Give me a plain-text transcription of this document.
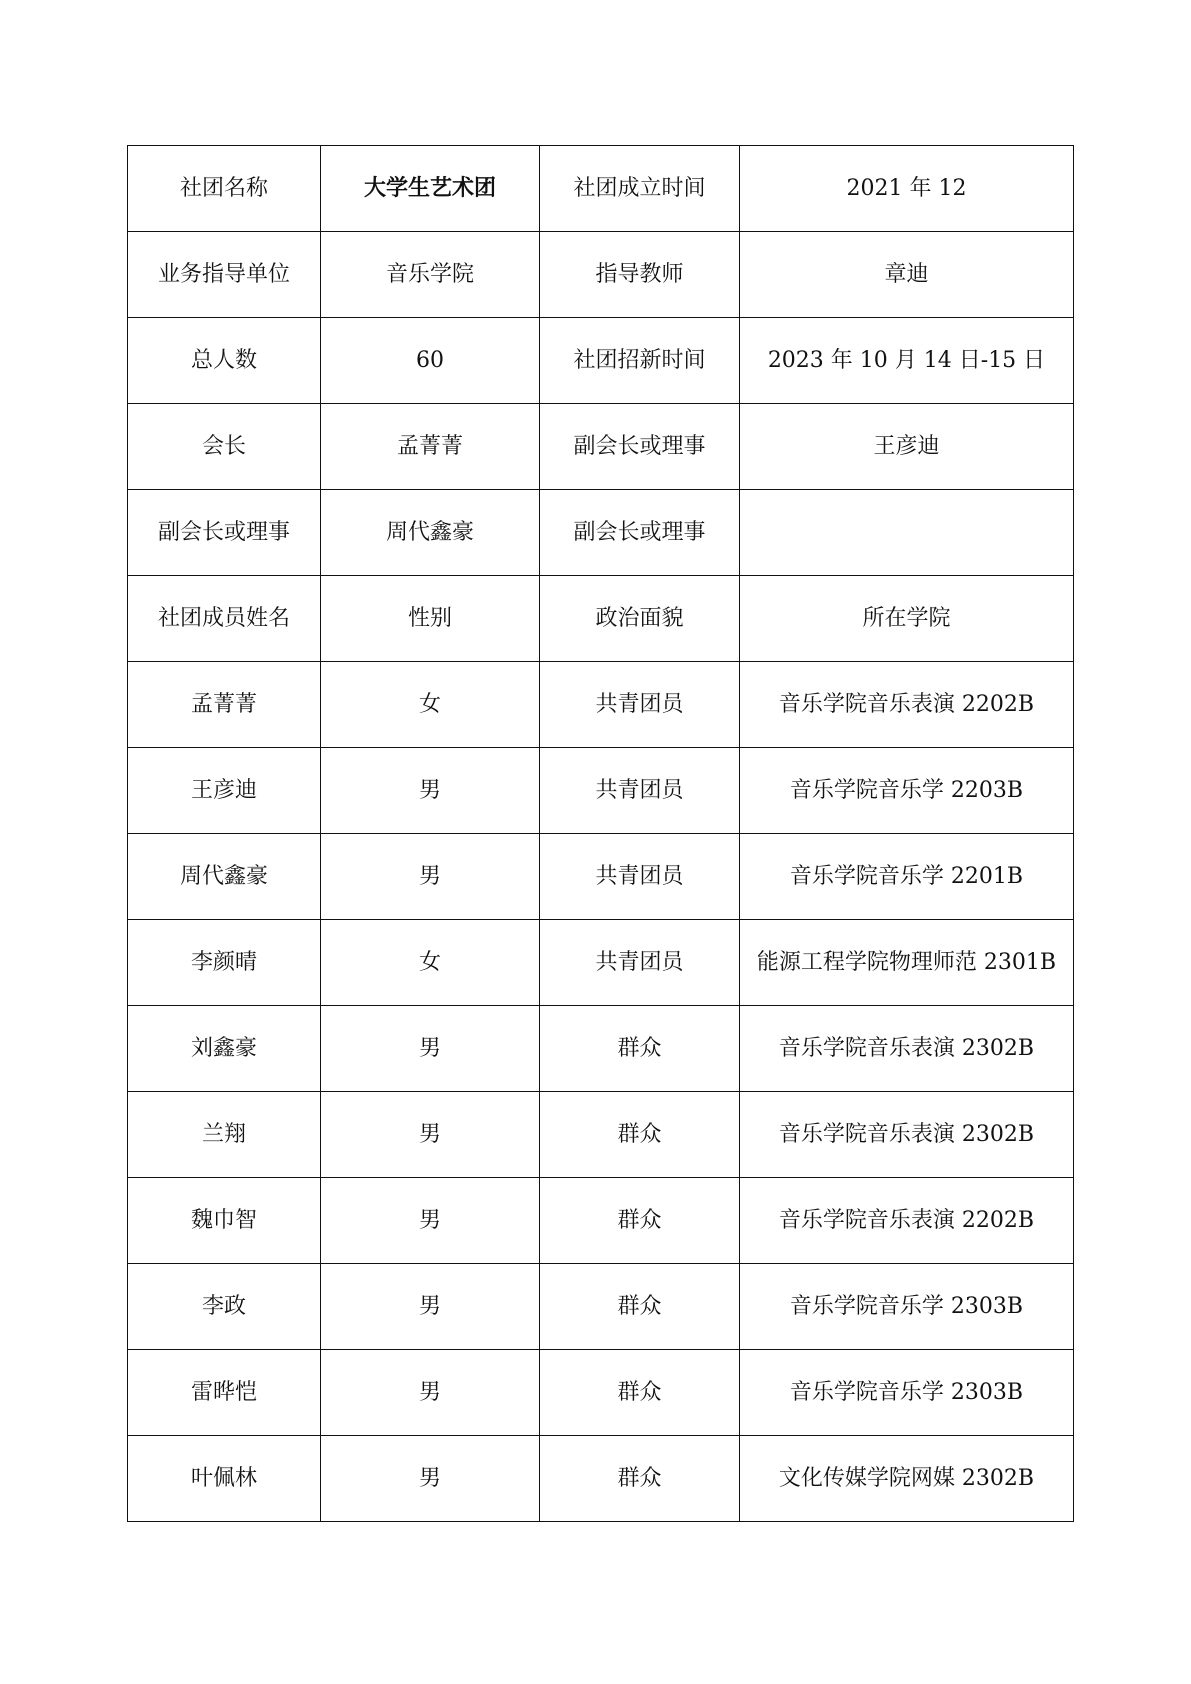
社团名称	大学生艺术团	社团成立时间	2021 年 12
业务指导单位	音乐学院	指导教师	章迪
总人数	60	社团招新时间	2023 年 10 月 14 日-15 日
会长	孟菁菁	副会长或理事	王彦迪
副会长或理事	周代鑫豪	副会长或理事	
社团成员姓名	性别	政治面貌	所在学院
孟菁菁	女	共青团员	音乐学院音乐表演 2202B
王彦迪	男	共青团员	音乐学院音乐学 2203B
周代鑫豪	男	共青团员	音乐学院音乐学 2201B
李颜晴	女	共青团员	能源工程学院物理师范 2301B
刘鑫豪	男	群众	音乐学院音乐表演 2302B
兰翔	男	群众	音乐学院音乐表演 2302B
魏巾智	男	群众	音乐学院音乐表演 2202B
李政	男	群众	音乐学院音乐学 2303B
雷晔恺	男	群众	音乐学院音乐学 2303B
叶佩林	男	群众	文化传媒学院网媒 2302B
